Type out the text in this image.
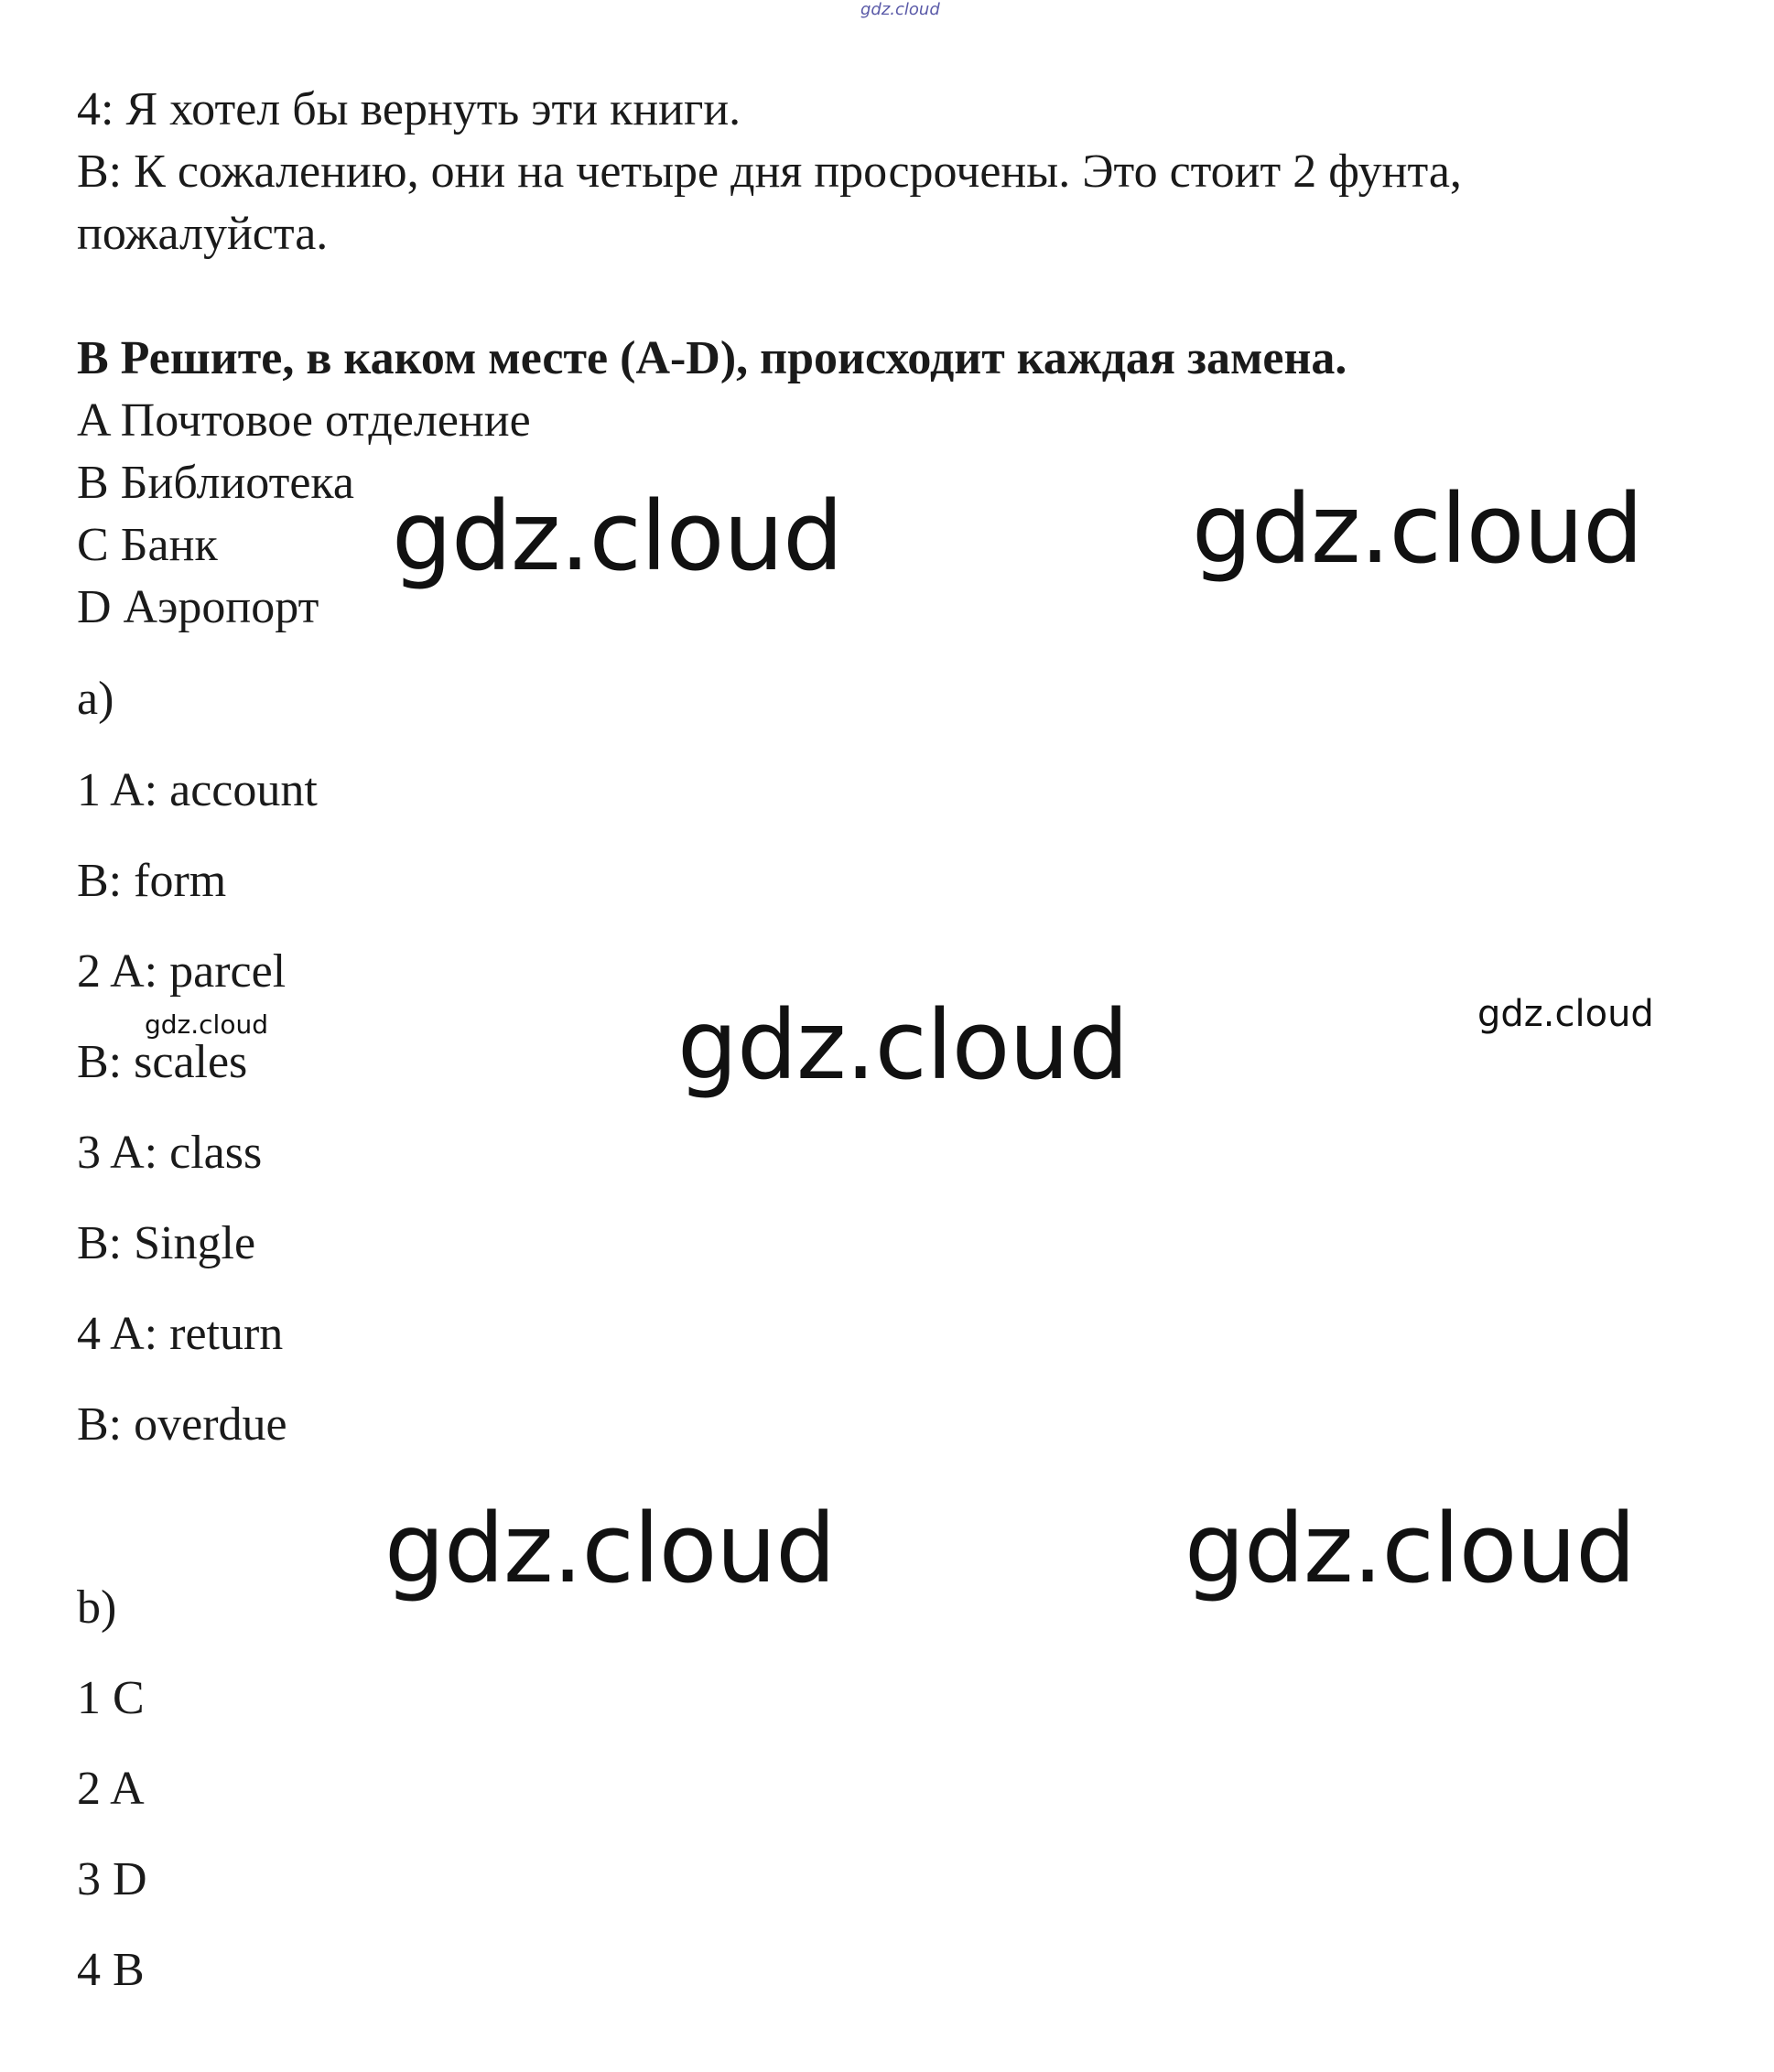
gdz.cloud
4: Я хотел бы вернуть эти книги.
B: К сожалению, они на четыре дня просрочены. Это стоит 2 фунта,
пожалуйста.
В Решите, в каком месте (A-D), происходит каждая замена.
A Почтовое отделение
B Библиотека
C Банк
D Аэропорт
a)
1 A: account
B: form
2 A: parcel
B: scales
3 A: class
B: Single
4 A: return
B: overdue
b)
1 C
2 A
3 D
4 B
gdz.cloud	gdz.cloud
gdz.cloud	gdz.cloud
gdz.cloud
gdz.cloud	gdz.cloud
